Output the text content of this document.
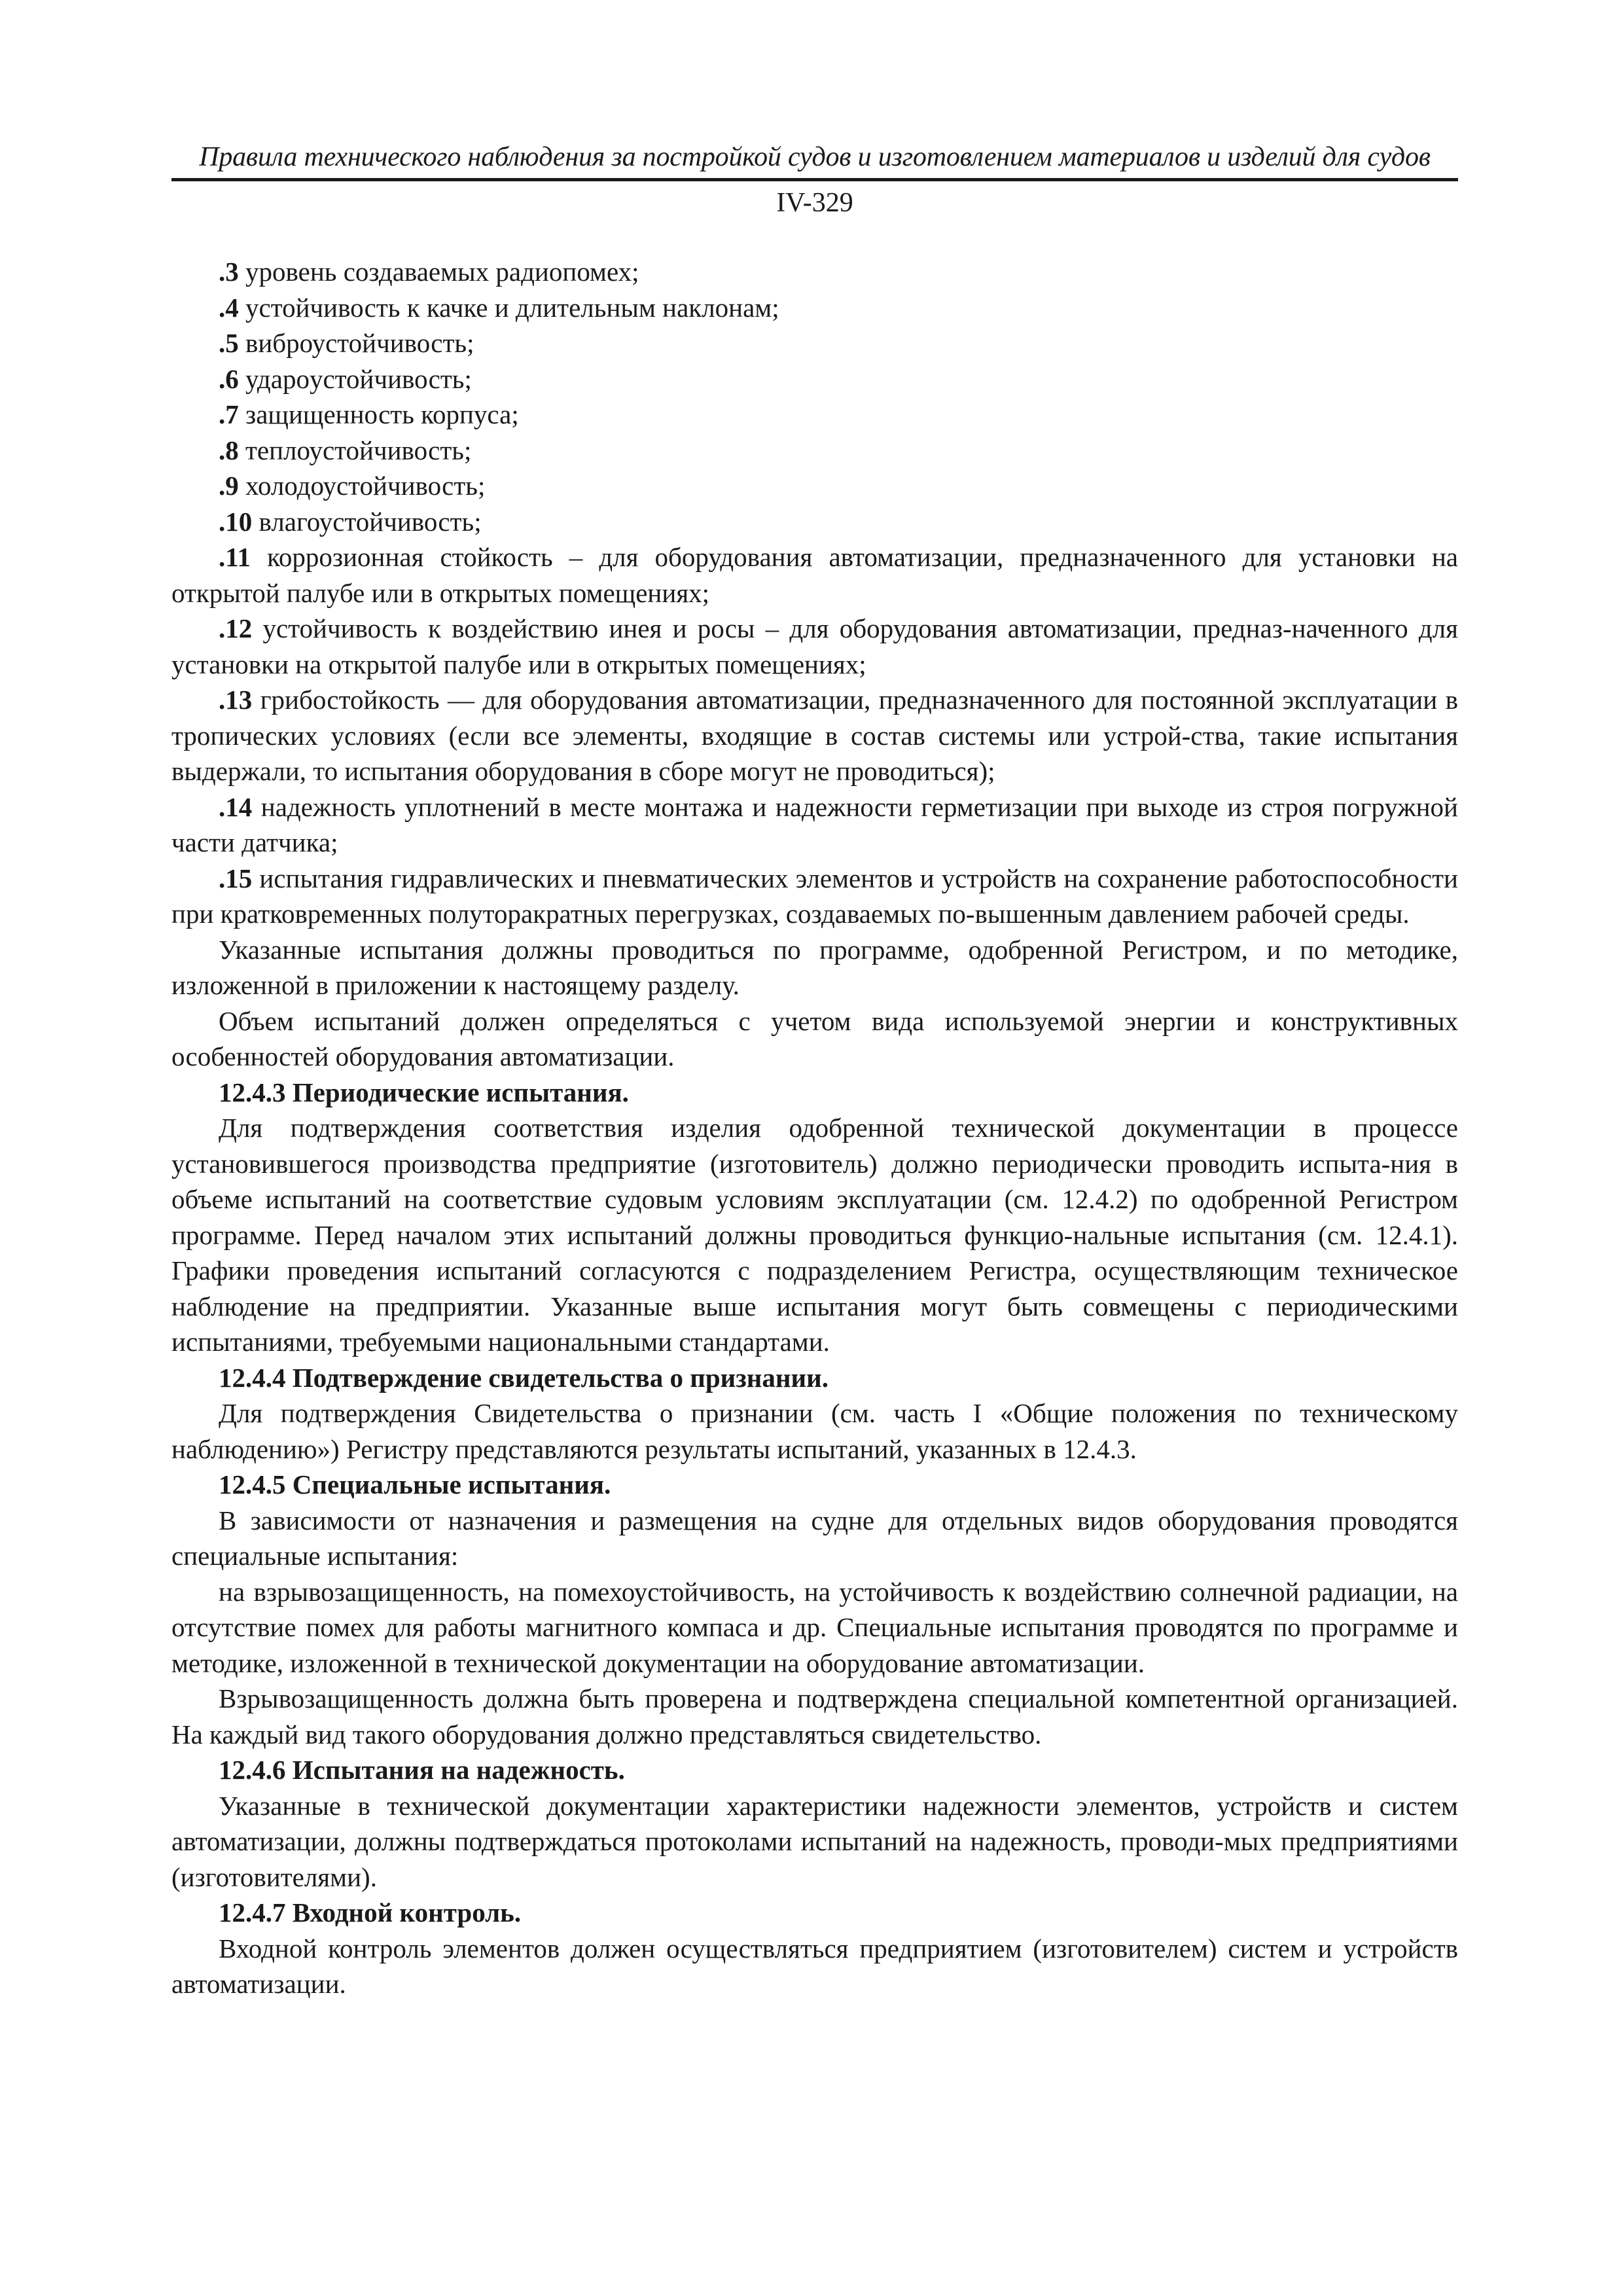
Правила технического наблюдения за постройкой судов и изготовлением материалов и изделий для судов
IV-329

.3 уровень создаваемых радиопомех;

.4 устойчивость к качке и длительным наклонам;

.5 виброустойчивость;

.6 ударoустойчивость;

.7 защищенность корпуса;

.8 теплоустойчивость;

.9 холодоустойчивость;

.10 влагоустойчивость;

.11 коррозионная стойкость – для оборудования автоматизации, предназначенного для установки на открытой палубе или в открытых помещениях;

.12 устойчивость к воздействию инея и росы – для оборудования автоматизации, предназ-наченного для установки на открытой палубе или в открытых помещениях;

.13 грибостойкость — для оборудования автоматизации, предназначенного для постоянной эксплуатации в тропических условиях (если все элементы, входящие в состав системы или устрой-ства, такие испытания выдержали, то испытания оборудования в сборе могут не проводиться);

.14 надежность уплотнений в месте монтажа и надежности герметизации при выходе из строя погружной части датчика;

.15 испытания гидравлических и пневматических элементов и устройств на сохранение работоспособности при кратковременных полуторакратных перегрузках, создаваемых по-вышенным давлением рабочей среды.

Указанные испытания должны проводиться по программе, одобренной Регистром, и по методике, изложенной в приложении к настоящему разделу.

Объем испытаний должен определяться с учетом вида используемой энергии и конструктивных особенностей оборудования автоматизации.

12.4.3 Периодические испытания.

Для подтверждения соответствия изделия одобренной технической документации в процессе установившегося производства предприятие (изготовитель) должно периодически проводить испыта-ния в объеме испытаний на соответствие судовым условиям эксплуатации (см. 12.4.2) по одобренной Регистром программе. Перед началом этих испытаний должны проводиться функцио-нальные испытания (см. 12.4.1). Графики проведения испытаний согласуются с подразделением Регистра, осуществляющим техническое наблюдение на предприятии. Указанные выше испытания могут быть совмещены с периодическими испытаниями, требуемыми национальными стандартами.

12.4.4 Подтверждение свидетельства о признании.

Для подтверждения Свидетельства о признании (см. часть I «Общие положения по техническому наблюдению») Регистру представляются результаты испытаний, указанных в 12.4.3.

12.4.5 Специальные испытания.

В зависимости от назначения и размещения на судне для отдельных видов оборудования проводятся специальные испытания:

на взрывозащищенность, на помехоустойчивость, на устойчивость к воздействию солнечной радиации, на отсутствие помех для работы магнитного компаса и др. Специальные испытания проводятся по программе и методике, изложенной в технической документации на оборудование автоматизации.

Взрывозащищенность должна быть проверена и подтверждена специальной компетентной организацией. На каждый вид такого оборудования должно представляться свидетельство.

12.4.6 Испытания на надежность.

Указанные в технической документации характеристики надежности элементов, устройств и систем автоматизации, должны подтверждаться протоколами испытаний на надежность, проводи-мых предприятиями (изготовителями).

12.4.7 Входной контроль.

Входной контроль элементов должен осуществляться предприятием (изготовителем) систем и устройств автоматизации.
